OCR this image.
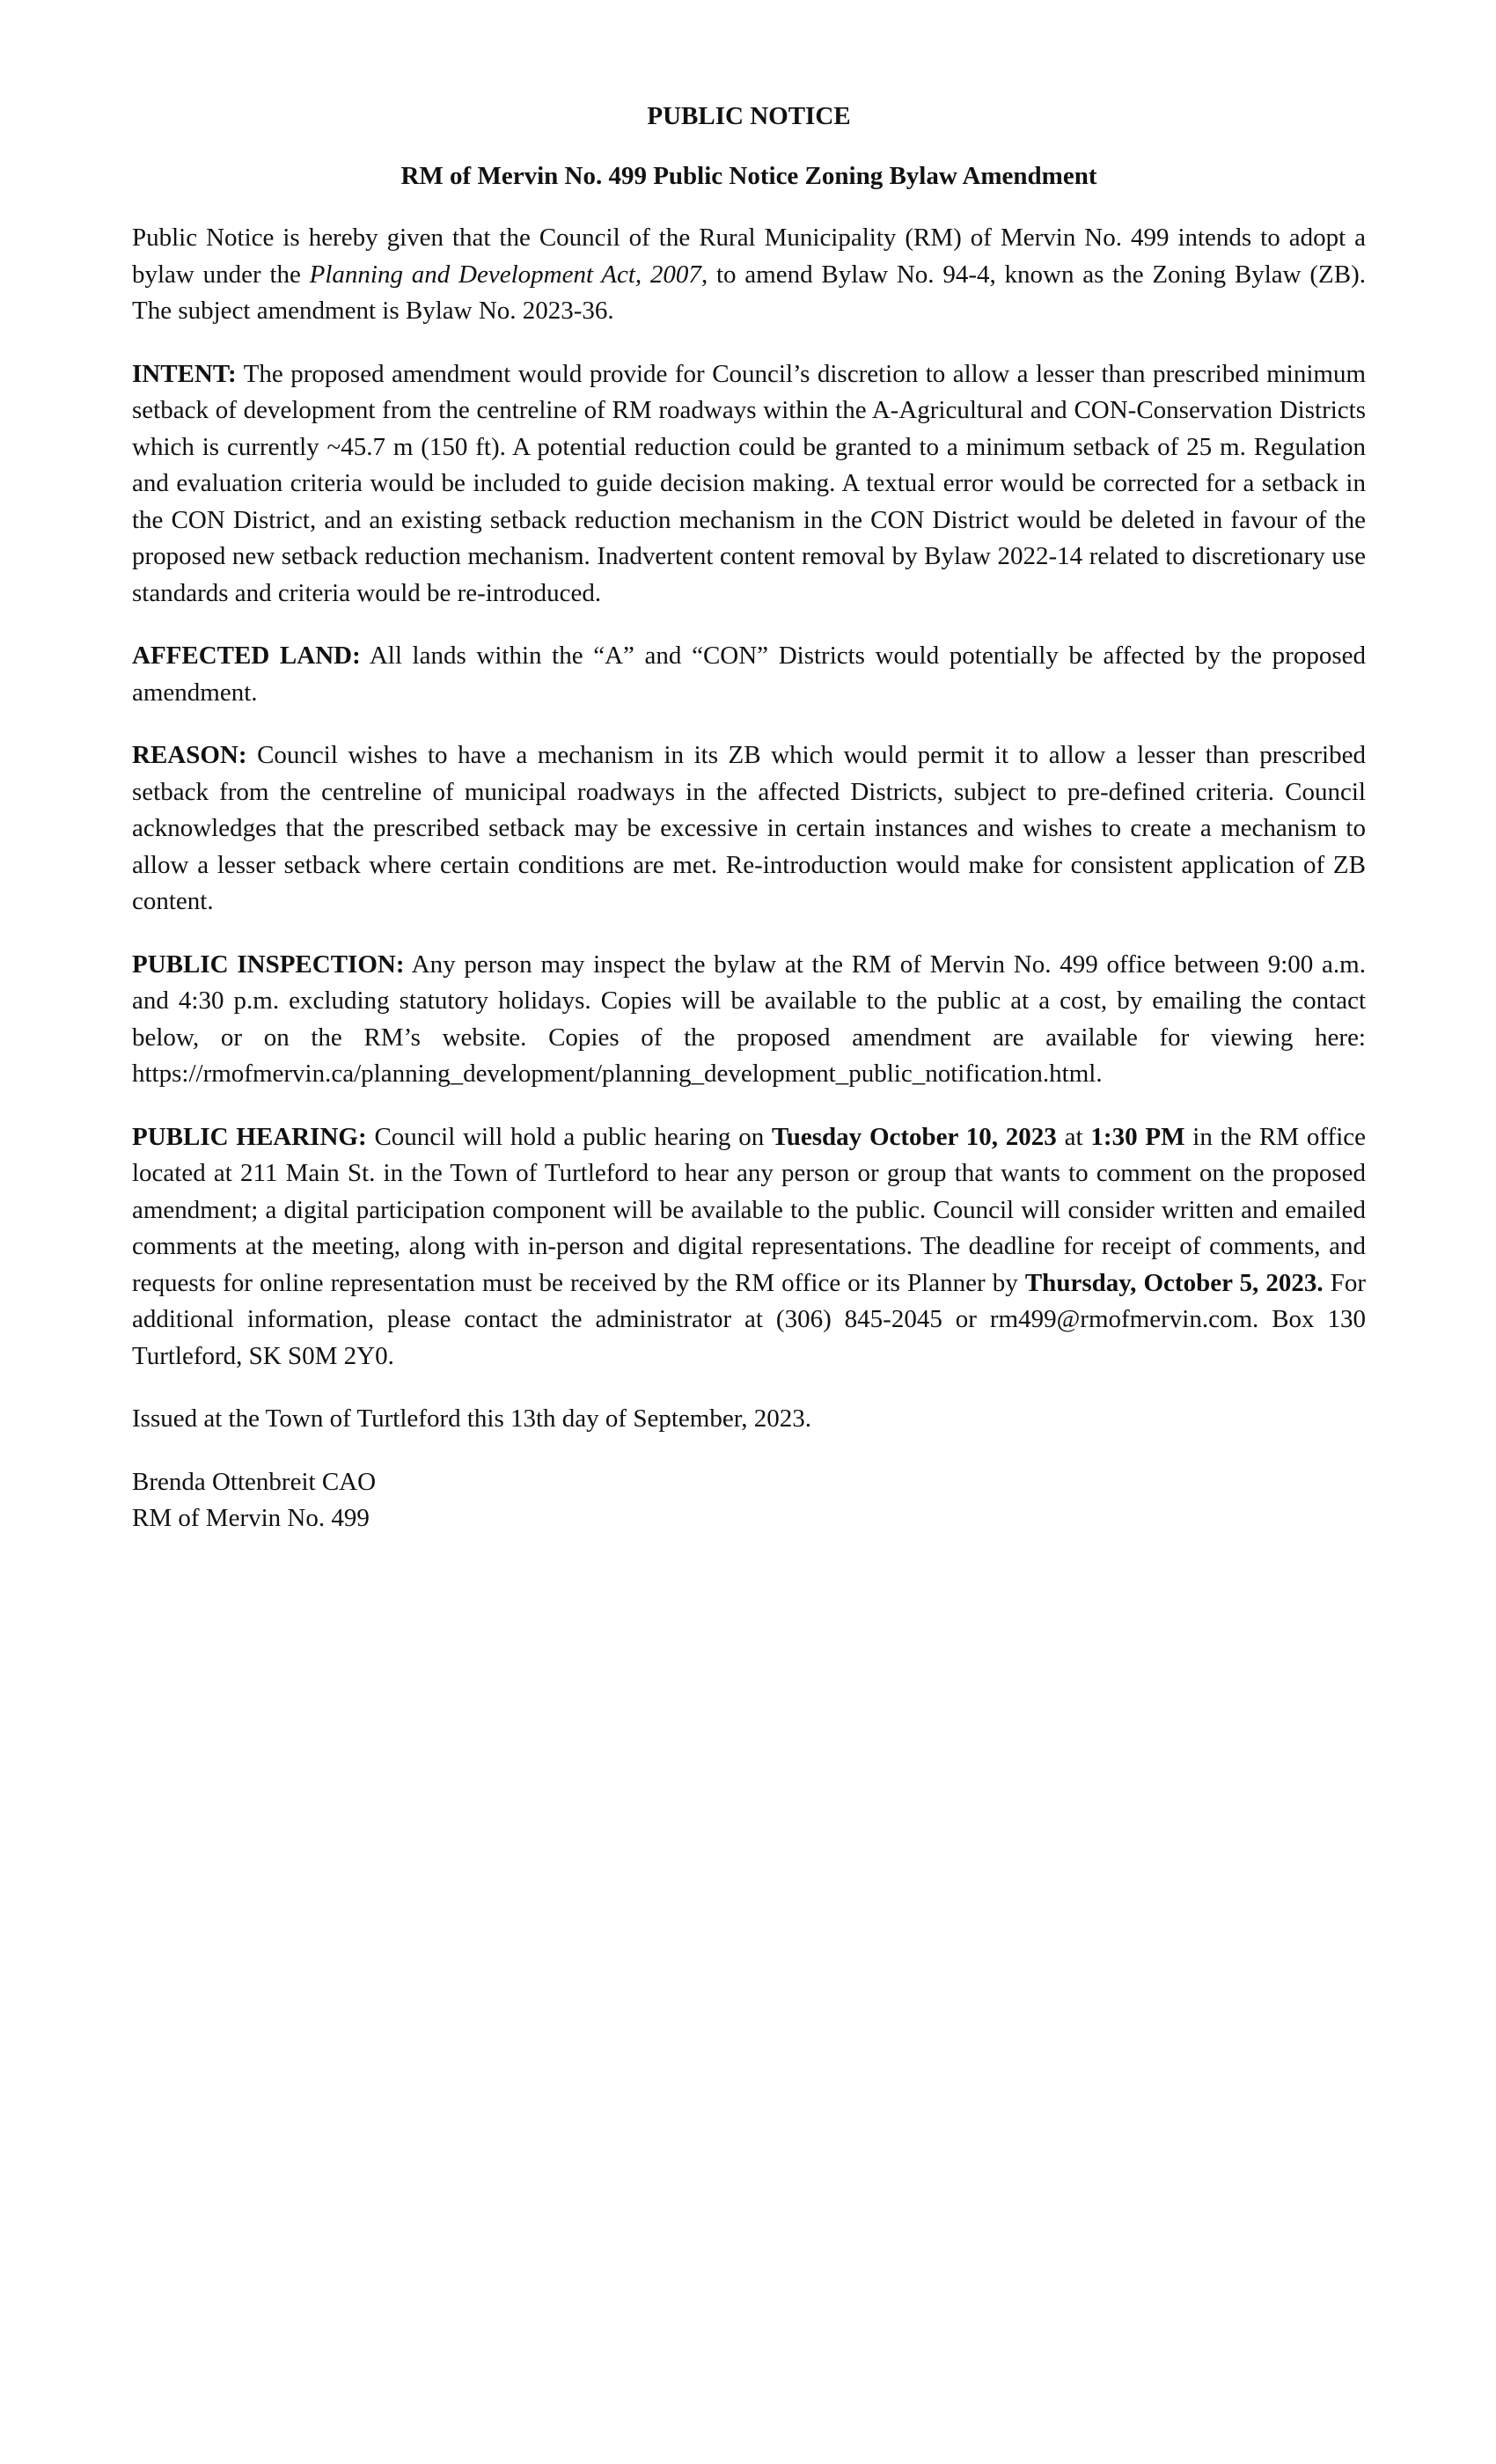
PUBLIC NOTICE

RM of Mervin No. 499 Public Notice Zoning Bylaw Amendment

Public Notice is hereby given that the Council of the Rural Municipality (RM) of Mervin No. 499 intends to adopt a bylaw under the Planning and Development Act, 2007, to amend Bylaw No. 94-4, known as the Zoning Bylaw (ZB). The subject amendment is Bylaw No. 2023-36.

INTENT: The proposed amendment would provide for Council’s discretion to allow a lesser than prescribed minimum setback of development from the centreline of RM roadways within the A-Agricultural and CON-Conservation Districts which is currently ~45.7 m (150 ft). A potential reduction could be granted to a minimum setback of 25 m. Regulation and evaluation criteria would be included to guide decision making. A textual error would be corrected for a setback in the CON District, and an existing setback reduction mechanism in the CON District would be deleted in favour of the proposed new setback reduction mechanism. Inadvertent content removal by Bylaw 2022-14 related to discretionary use standards and criteria would be re-introduced.

AFFECTED LAND: All lands within the “A” and “CON” Districts would potentially be affected by the proposed amendment.

REASON: Council wishes to have a mechanism in its ZB which would permit it to allow a lesser than prescribed setback from the centreline of municipal roadways in the affected Districts, subject to pre-defined criteria. Council acknowledges that the prescribed setback may be excessive in certain instances and wishes to create a mechanism to allow a lesser setback where certain conditions are met. Re-introduction would make for consistent application of ZB content.

PUBLIC INSPECTION: Any person may inspect the bylaw at the RM of Mervin No. 499 office between 9:00 a.m. and 4:30 p.m. excluding statutory holidays. Copies will be available to the public at a cost, by emailing the contact below, or on the RM’s website. Copies of the proposed amendment are available for viewing here: https://rmofmervin.ca/planning_development/planning_development_public_notification.html.

PUBLIC HEARING: Council will hold a public hearing on Tuesday October 10, 2023 at 1:30 PM in the RM office located at 211 Main St. in the Town of Turtleford to hear any person or group that wants to comment on the proposed amendment; a digital participation component will be available to the public. Council will consider written and emailed comments at the meeting, along with in-person and digital representations. The deadline for receipt of comments, and requests for online representation must be received by the RM office or its Planner by Thursday, October 5, 2023. For additional information, please contact the administrator at (306) 845-2045 or rm499@rmofmervin.com. Box 130 Turtleford, SK S0M 2Y0.

Issued at the Town of Turtleford this 13th day of September, 2023.

Brenda Ottenbreit CAO

RM of Mervin No. 499
